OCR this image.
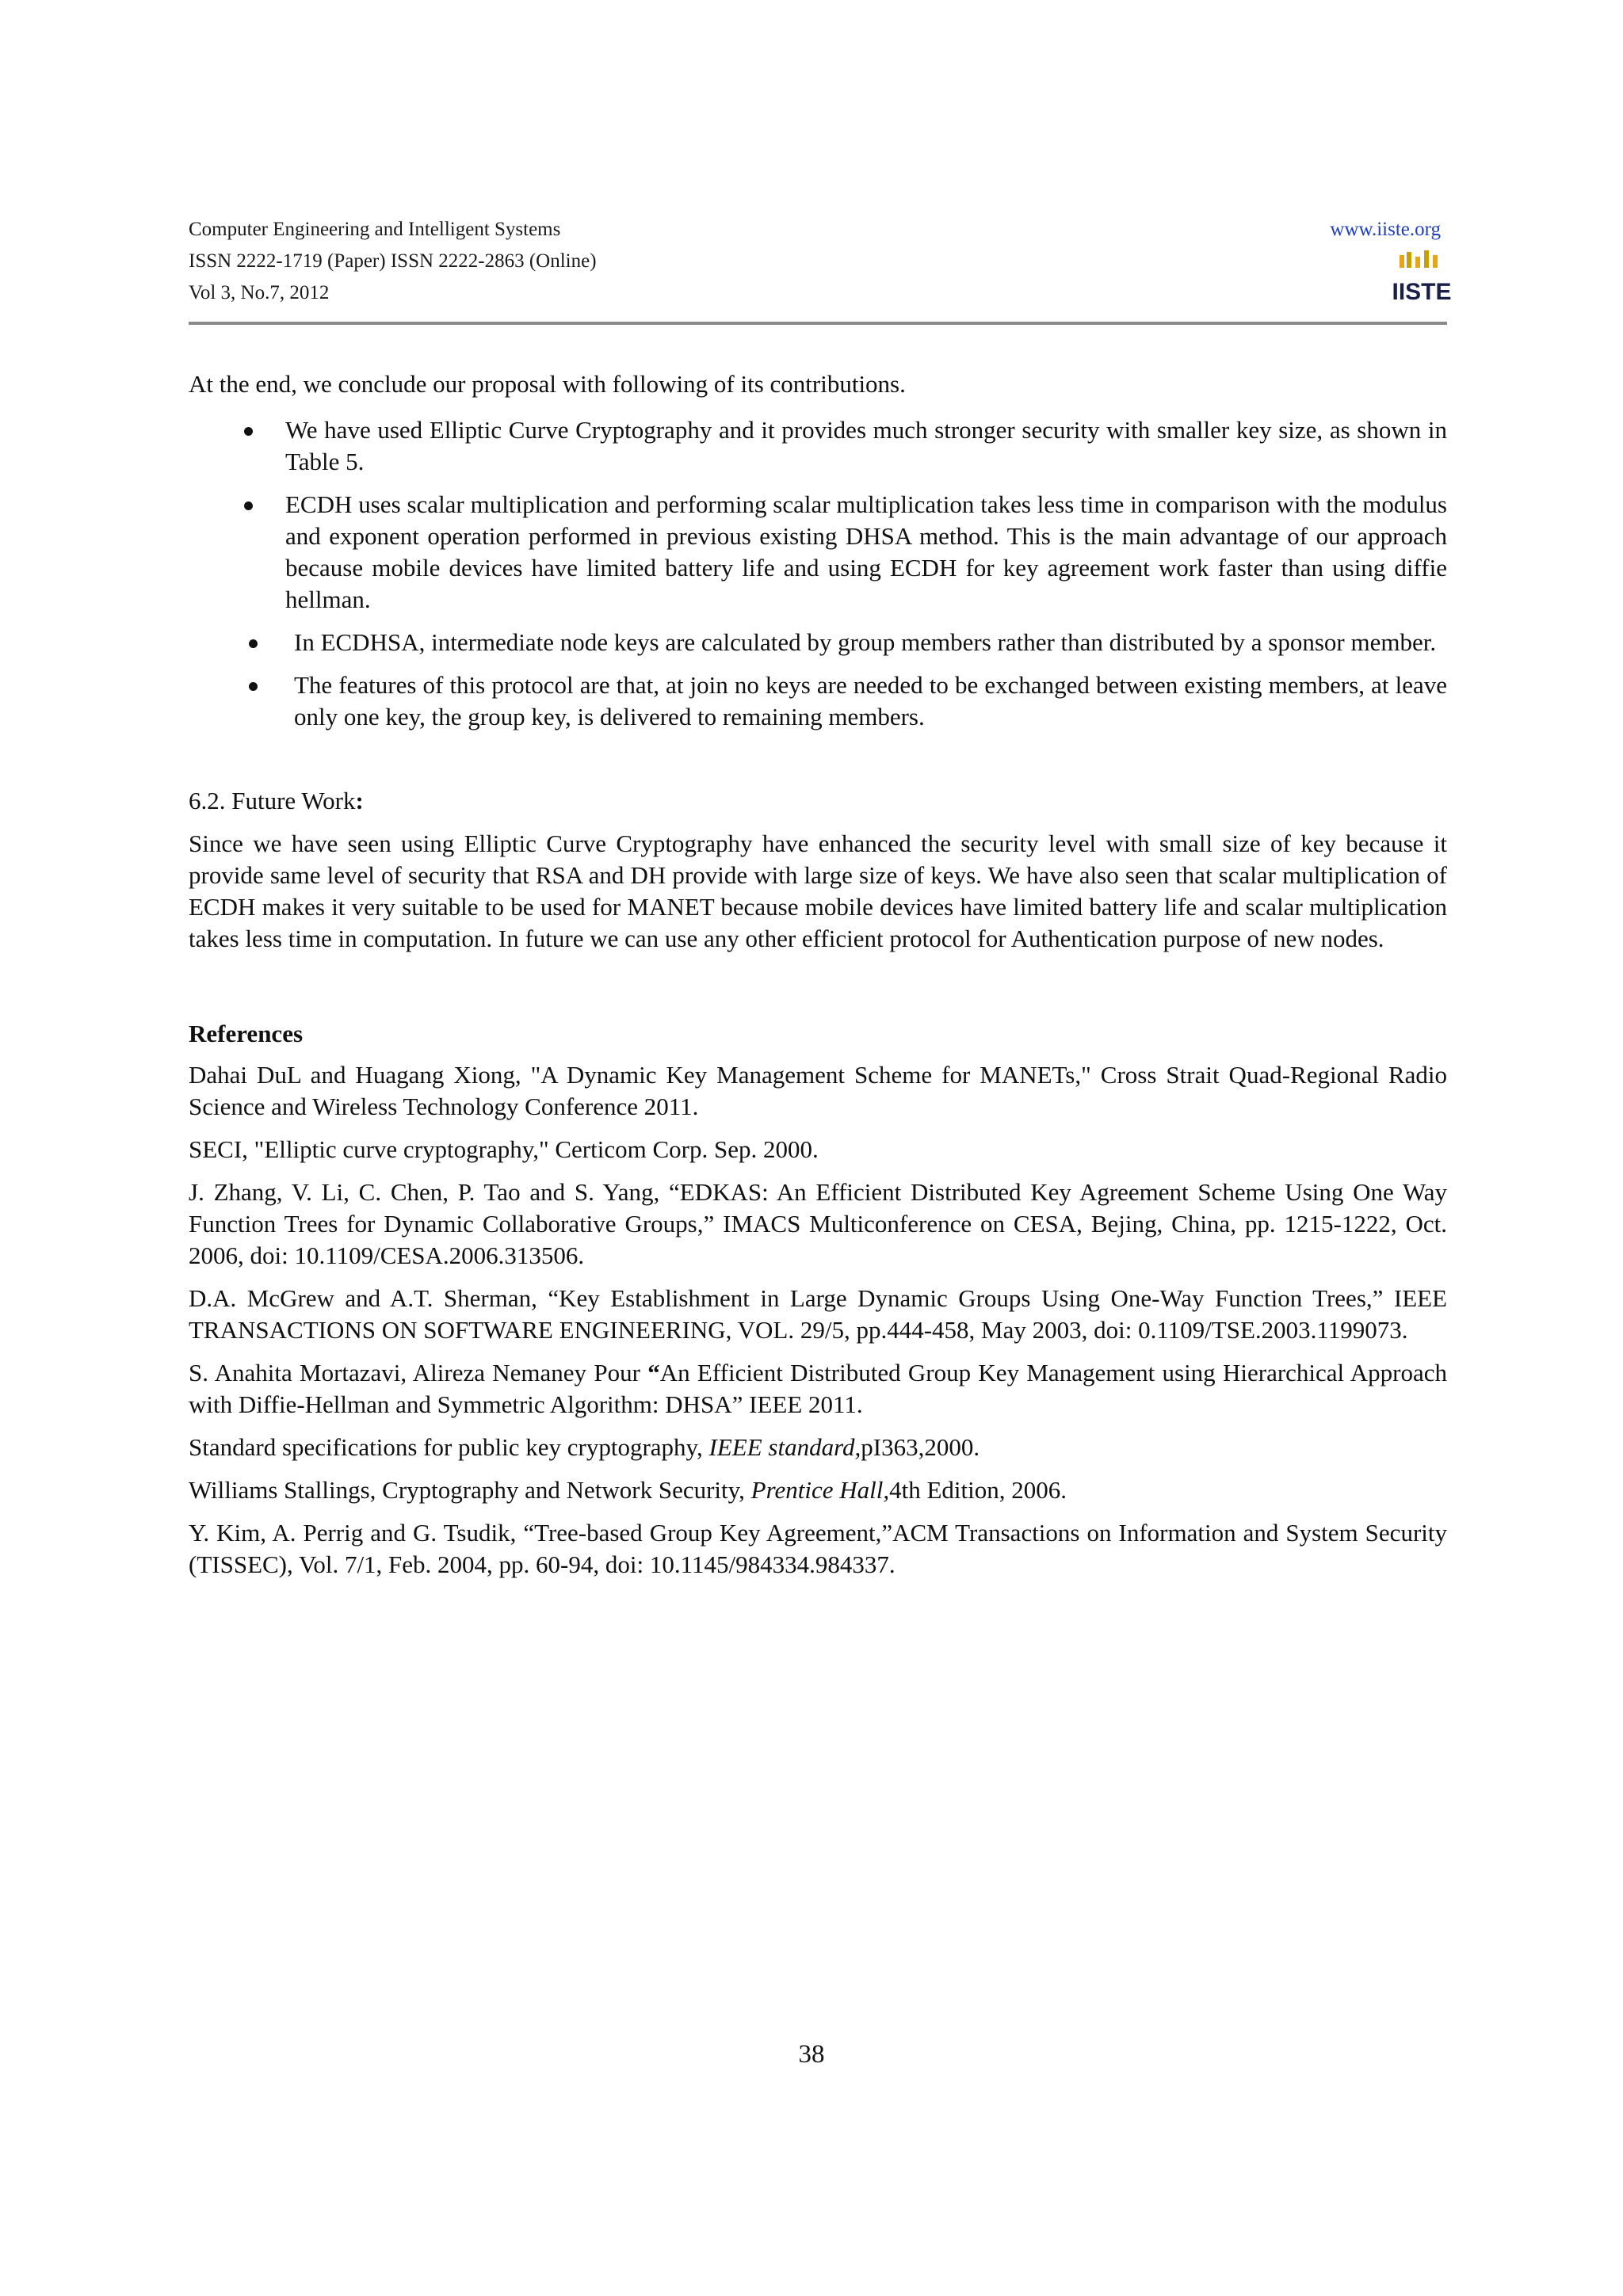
Computer Engineering and Intelligent Systems
ISSN 2222-1719 (Paper) ISSN 2222-2863 (Online)
Vol 3, No.7, 2012
www.iiste.org
IISTE

At the end, we conclude our proposal with following of its contributions.

We have used Elliptic Curve Cryptography and it provides much stronger security with smaller key size, as shown in Table 5.
ECDH uses scalar multiplication and performing scalar multiplication takes less time in comparison with the modulus and exponent operation performed in previous existing DHSA method. This is the main advantage of our approach because mobile devices have limited battery life and using ECDH for key agreement work faster than using diffie hellman.
In ECDHSA, intermediate node keys are calculated by group members rather than distributed by a sponsor member.
The features of this protocol are that, at join no keys are needed to be exchanged between existing members, at leave only one key, the group key, is delivered to remaining members.

6.2. Future Work:

Since we have seen using Elliptic Curve Cryptography have enhanced the security level with small size of key because it provide same level of security that RSA and DH provide with large size of keys. We have also seen that scalar multiplication of ECDH makes it very suitable to be used for MANET because mobile devices have limited battery life and scalar multiplication takes less time in computation. In future we can use any other efficient protocol for Authentication purpose of new nodes.

References

Dahai DuL and Huagang Xiong, "A Dynamic Key Management Scheme for MANETs," Cross Strait Quad-Regional Radio Science and Wireless Technology Conference 2011.

SECI, "Elliptic curve cryptography," Certicom Corp. Sep. 2000.

J. Zhang, V. Li, C. Chen, P. Tao and S. Yang, “EDKAS: An Efficient Distributed Key Agreement Scheme Using One Way Function Trees for Dynamic Collaborative Groups,” IMACS Multiconference on CESA, Bejing, China, pp. 1215-1222, Oct. 2006, doi: 10.1109/CESA.2006.313506.

D.A. McGrew and A.T. Sherman, “Key Establishment in Large Dynamic Groups Using One-Way Function Trees,” IEEE TRANSACTIONS ON SOFTWARE ENGINEERING, VOL. 29/5, pp.444-458, May 2003, doi: 0.1109/TSE.2003.1199073.

S. Anahita Mortazavi, Alireza Nemaney Pour “An Efficient Distributed Group Key Management using Hierarchical Approach with Diffie-Hellman and Symmetric Algorithm: DHSA” IEEE 2011.

Standard specifications for public key cryptography, IEEE standard,pI363,2000.

Williams Stallings, Cryptography and Network Security, Prentice Hall,4th Edition, 2006.

Y. Kim, A. Perrig and G. Tsudik, “Tree-based Group Key Agreement,”ACM Transactions on Information and System Security (TISSEC), Vol. 7/1, Feb. 2004, pp. 60-94, doi: 10.1145/984334.984337.

38
